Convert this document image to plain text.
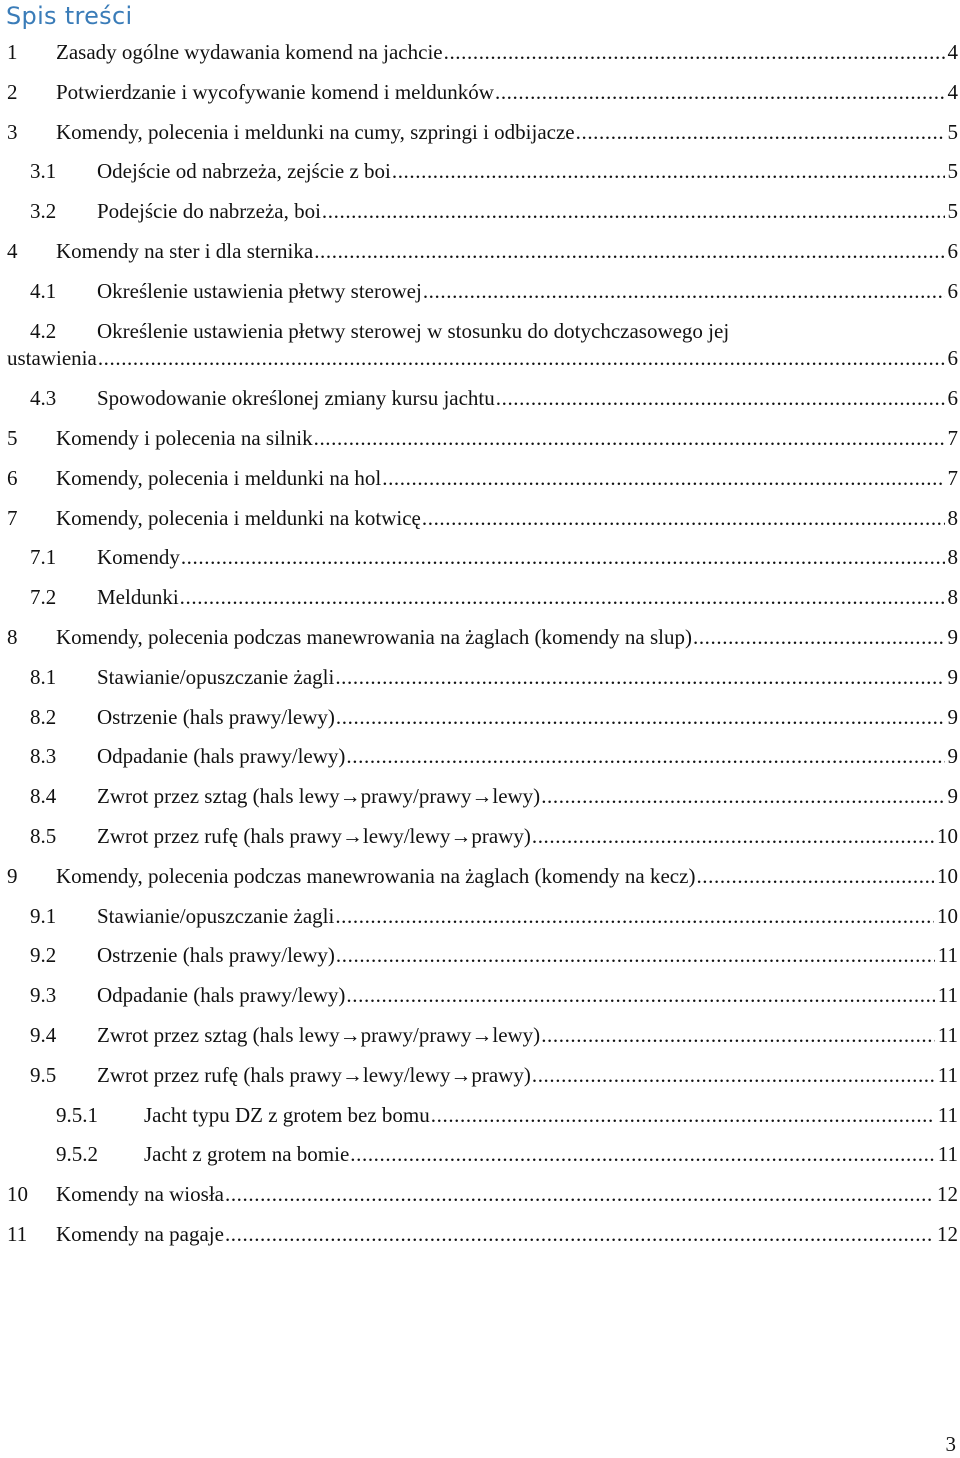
Spis treści
1 Zasady ogólne wydawania komend na jachcie	4
.....
2 Potwierdzanie i wycofywanie komend i meldunków	4
.....
3 Komendy, polecenia i meldunki na cumy, szpringi i odbijacze	5
.....
3.1 Odejście od nabrzeża, zejście z boi	5
.....
3.2 Podejście do nabrzeża, boi	5
.....
4 Komendy na ster i dla sternika	6
.....
4.1 Określenie ustawienia płetwy sterowej	6
.....
4.2 Określenie ustawienia płetwy sterowej w stosunku do dotychczasowego jej
ustawienia	6
.....
4.3 Spowodowanie określonej zmiany kursu jachtu	6
.....
5 Komendy i polecenia na silnik	7
.....
6 Komendy, polecenia i meldunki na hol	7
.....
7 Komendy, polecenia i meldunki na kotwicę	8
.....
7.1 Komendy	8
.....
7.2 Meldunki	8
.....
8 Komendy, polecenia podczas manewrowania na żaglach (komendy na slup)	9
.....
8.1 Stawianie/opuszczanie żagli	9
.....
8.2 Ostrzenie (hals prawy/lewy)	9
.....
8.3 Odpadanie (hals prawy/lewy)	9
.....
8.4 Zwrot przez sztag (hals lewy→prawy/prawy→lewy)	9
.....
8.5 Zwrot przez rufę (hals prawy→lewy/lewy→prawy)	10
.....
9 Komendy, polecenia podczas manewrowania na żaglach (komendy na kecz)	10
.....
9.1 Stawianie/opuszczanie żagli	10
.....
9.2 Ostrzenie (hals prawy/lewy)	11
.....
9.3 Odpadanie (hals prawy/lewy)	11
.....
9.4 Zwrot przez sztag (hals lewy→prawy/prawy→lewy)	11
.....
9.5 Zwrot przez rufę (hals prawy→lewy/lewy→prawy)	11
.....
9.5.1 Jacht typu DZ z grotem bez bomu	11
.....
9.5.2 Jacht z grotem na bomie	11
.....
10 Komendy na wiosła	12
.....
11 Komendy na pagaje	12
.....
3
